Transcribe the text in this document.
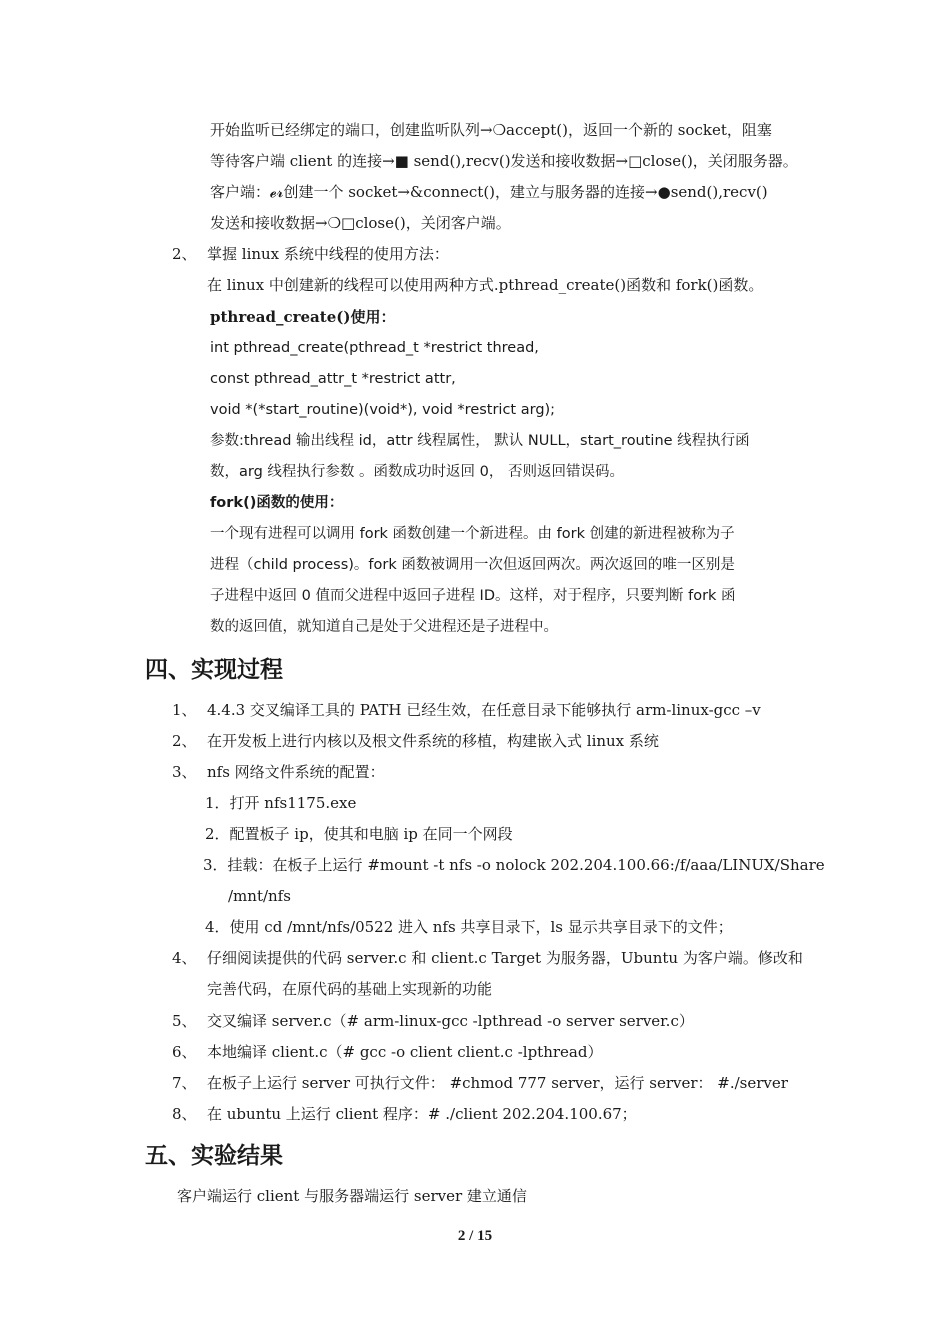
开始监听已经绑定的端口，创建监听队列→❍accept()，返回一个新的 socket，阻塞
等待客户端 client 的连接→■ send(),recv()发送和接收数据→□close()，关闭服务器。
客户端：𝓮𝓻创建一个 socket→&connect()，建立与服务器的连接→●send(),recv()
发送和接收数据→❍□close()，关闭客户端。
2、 掌握 linux 系统中线程的使用方法：
在 linux 中创建新的线程可以使用两种方式.pthread_create()函数和 fork()函数。
pthread_create()使用：
int pthread_create(pthread_t *restrict thread,
const pthread_attr_t *restrict attr,
void *(*start_routine)(void*), void *restrict arg);
参数:thread 输出线程 id，attr 线程属性， 默认 NULL，start_routine 线程执行函
数，arg 线程执行参数 。函数成功时返回 0， 否则返回错误码。
fork()函数的使用：
一个现有进程可以调用 fork 函数创建一个新进程。由 fork 创建的新进程被称为子
进程（child process)。fork 函数被调用一次但返回两次。两次返回的唯一区别是
子进程中返回 0 值而父进程中返回子进程 ID。这样，对于程序，只要判断 fork 函
数的返回值，就知道自己是处于父进程还是子进程中。
四、实现过程
1、 4.4.3 交叉编译工具的 PATH 已经生效，在任意目录下能够执行 arm-linux-gcc –v
2、 在开发板上进行内核以及根文件系统的移植，构建嵌入式 linux 系统
3、 nfs 网络文件系统的配置：
1．打开 nfs1175.exe
2．配置板子 ip，使其和电脑 ip 在同一个网段
3．挂载：在板子上运行 #mount -t nfs -o nolock 202.204.100.66:/f/aaa/LINUX/Share
/mnt/nfs
4．使用 cd /mnt/nfs/0522 进入 nfs 共享目录下，ls 显示共享目录下的文件；
4、 仔细阅读提供的代码 server.c 和 client.c Target 为服务器，Ubuntu 为客户端。修改和
完善代码，在原代码的基础上实现新的功能
5、 交叉编译 server.c（# arm-linux-gcc -lpthread -o server server.c）
6、 本地编译 client.c（# gcc -o client client.c -lpthread）
7、 在板子上运行 server 可执行文件： #chmod 777 server，运行 server： #./server
8、 在 ubuntu 上运行 client 程序：# ./client 202.204.100.67；
五、实验结果
客户端运行 client 与服务器端运行 server 建立通信
2 / 15
